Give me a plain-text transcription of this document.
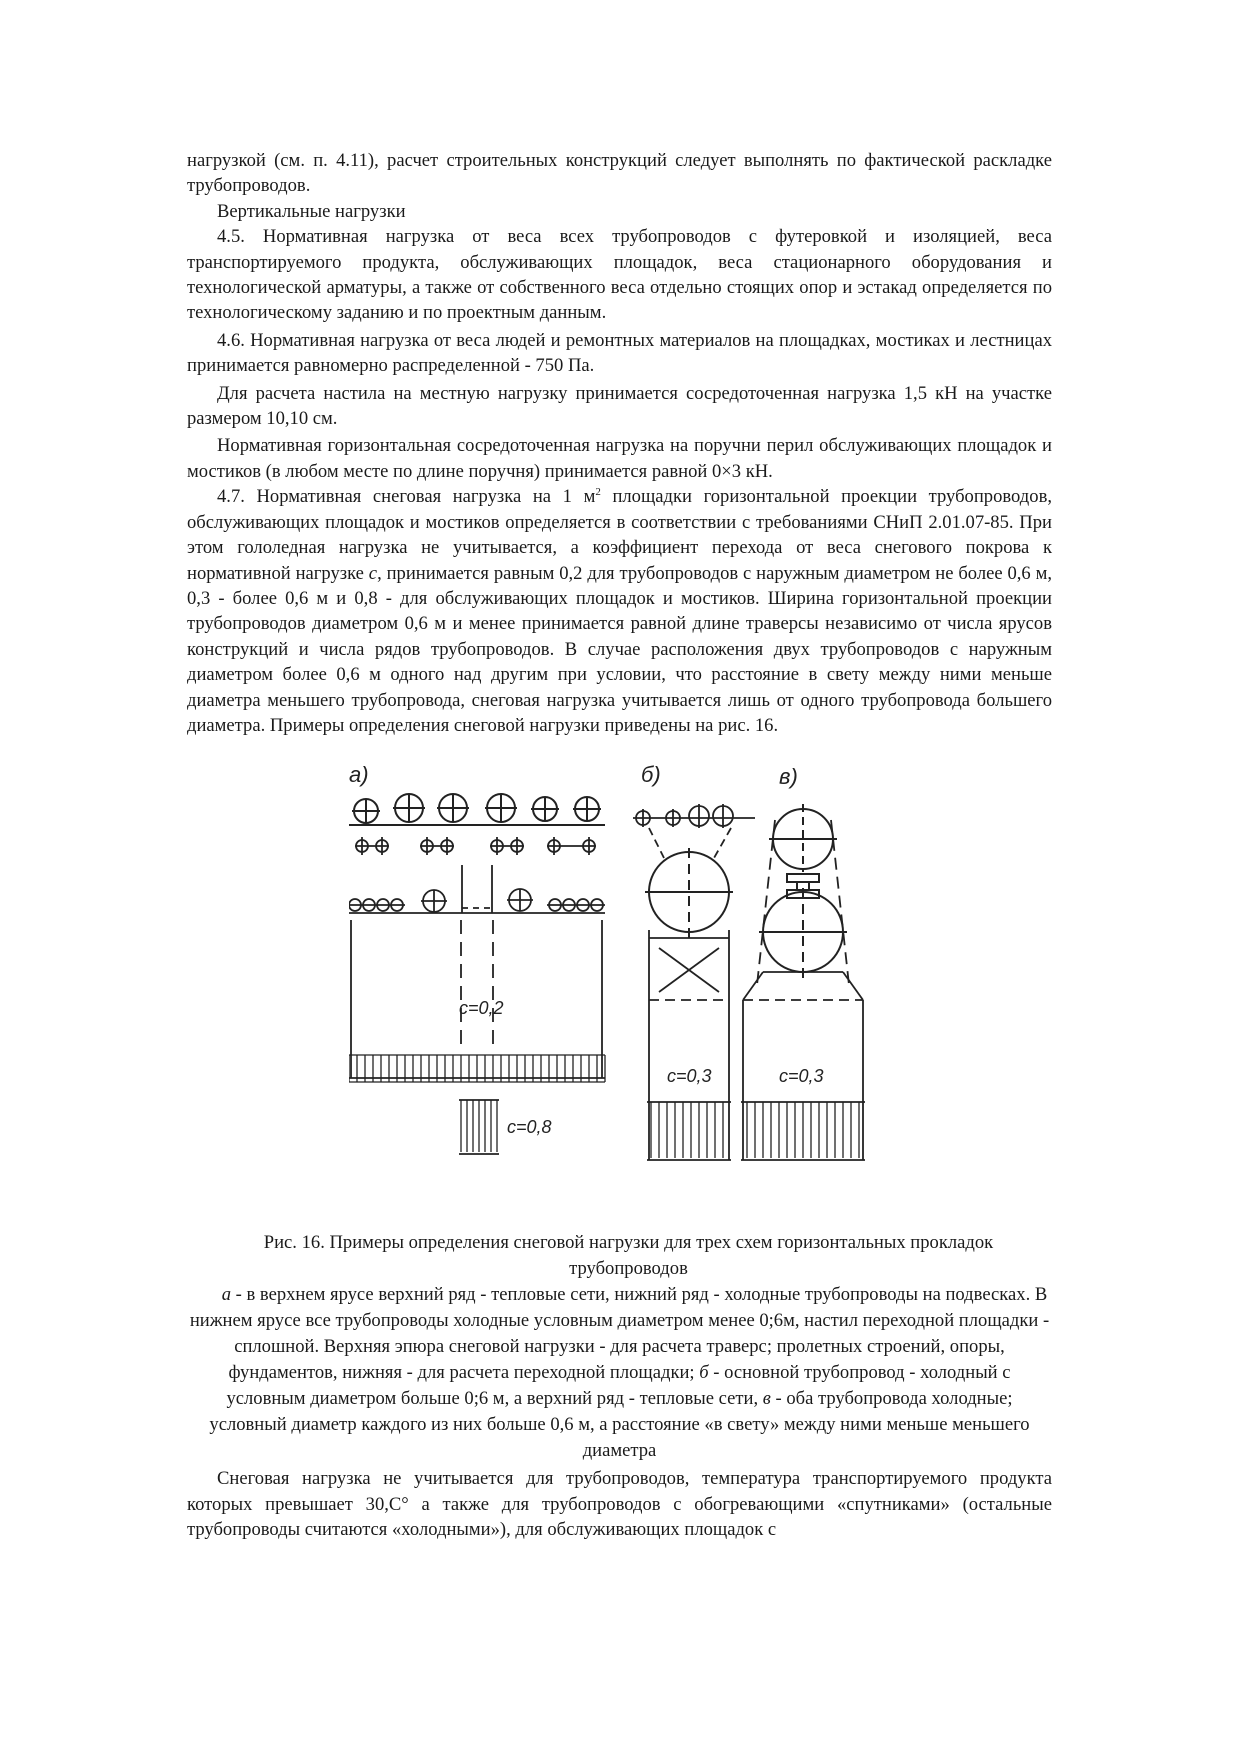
нагрузкой (см. п. 4.11), расчет строительных конструкций следует выполнять по фактической раскладке трубопроводов.

Вертикальные нагрузки

4.5. Нормативная нагрузка от веса всех трубопроводов с футеровкой и изоляцией, веса транспортируемого продукта, обслуживающих площадок, веса стационарного оборудования и технологической арматуры, а также от собственного веса отдельно стоящих опор и эстакад определяется по технологическому заданию и по проектным данным.

4.6. Нормативная нагрузка от веса людей и ремонтных материалов на площадках, мостиках и лестницах принимается равномерно распределенной - 750 Па.

Для расчета настила на местную нагрузку принимается сосредоточенная нагрузка 1,5 кН на участке размером 10,10 см.

Нормативная горизонтальная сосредоточенная нагрузка на поручни перил обслуживающих площадок и мостиков (в любом месте по длине поручня) принимается равной 0×3 кН.

4.7. Нормативная снеговая нагрузка на 1 $м^2$ площадки горизонтальной проекции трубопроводов, обслуживающих площадок и мостиков определяется в соответствии с требованиями СНиП 2.01.07-85. При этом гололедная нагрузка не учитывается, а коэффициент перехода от веса снегового покрова к нормативной нагрузке c, принимается равным 0,2 для трубопроводов с наружным диаметром не более 0,6 м, 0,3 - более 0,6 м и 0,8 - для обслуживающих площадок и мостиков. Ширина горизонтальной проекции трубопроводов диаметром 0,6 м и менее принимается равной длине траверсы независимо от числа ярусов конструкций и числа рядов трубопроводов. В случае расположения двух трубопроводов с наружным диаметром более 0,6 м одного над другим при условии, что расстояние в свету между ними меньше диаметра меньшего трубопровода, снеговая нагрузка учитывается лишь от одного трубопровода большего диаметра. Примеры определения снеговой нагрузки приведены на рис. 16.

а)
с=0,2
с=0,8
б)
с=0,3
в)
с=0,3

Рис. 16. Примеры определения снеговой нагрузки для трех схем горизонтальных прокладок трубопроводов

а - в верхнем ярусе верхний ряд - тепловые сети, нижний ряд - холодные трубопроводы на подвесках. В нижнем ярусе все трубопроводы холодные условным диаметром менее 0;6м, настил переходной площадки - сплошной. Верхняя эпюра снеговой нагрузки - для расчета траверс; пролетных строений, опоры, фундаментов, нижняя - для расчета переходной площадки; б - основной трубопровод - холодный с условным диаметром больше 0;6 м, а верхний ряд - тепловые сети, в - оба трубопровода холодные; условный диаметр каждого из них больше 0,6 м, а расстояние «в свету» между ними меньше меньшего диаметра

Снеговая нагрузка не учитывается для трубопроводов, температура транспортируемого продукта которых превышает 30,С° а также для трубопроводов с обогревающими «спутниками» (остальные трубопроводы считаются «холодными»), для обслуживающих площадок с
